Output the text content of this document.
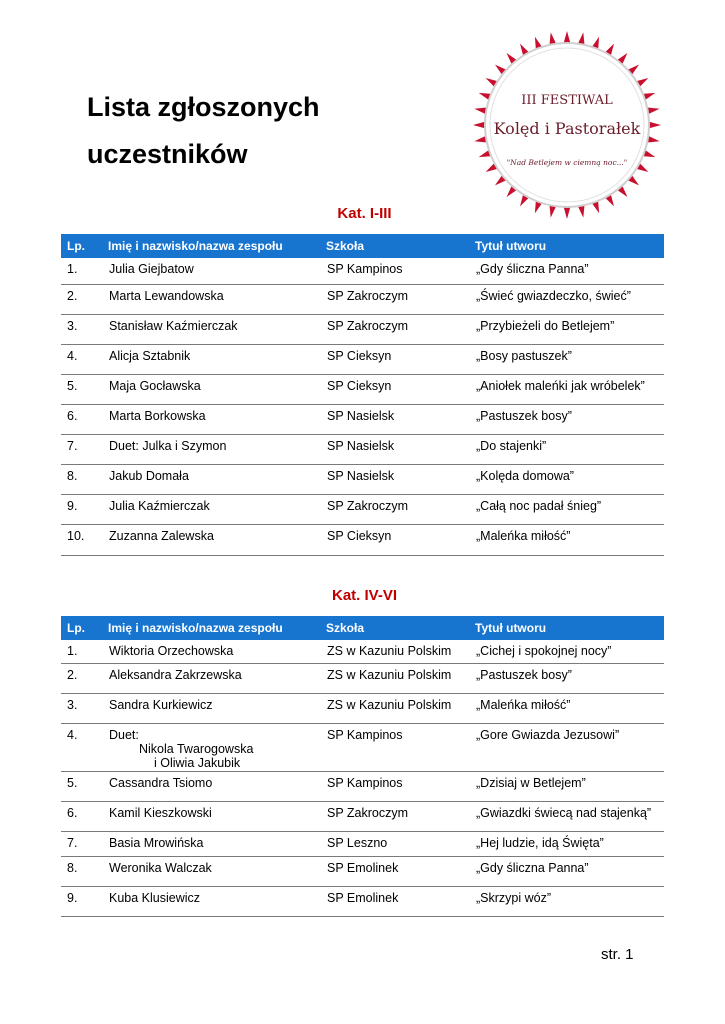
Lista zgłoszonych
uczestników
III FESTIWAL
Kolęd i Pastorałek
"Nad Betlejem w ciemną noc..."
Kat. I-III
Lp.	Imię i nazwisko/nazwa zespołu	Szkoła	Tytuł utworu
1.	Julia Giejbatow	SP Kampinos	„Gdy śliczna Panna”
2.	Marta Lewandowska	SP Zakroczym	„Świeć gwiazdeczko, świeć”
3.	Stanisław Kaźmierczak	SP Zakroczym	„Przybieżeli do Betlejem”
4.	Alicja Sztabnik	SP Cieksyn	„Bosy pastuszek”
5.	Maja Gocławska	SP Cieksyn	„Aniołek maleńki jak wróbelek”
6.	Marta Borkowska	SP Nasielsk	„Pastuszek bosy”
7.	Duet: Julka i Szymon	SP Nasielsk	„Do stajenki”
8.	Jakub Domała	SP Nasielsk	„Kolęda domowa”
9.	Julia Kaźmierczak	SP Zakroczym	„Całą noc padał śnieg”
10.	Zuzanna Zalewska	SP Cieksyn	„Maleńka miłość”
Kat. IV-VI
Lp.	Imię i nazwisko/nazwa zespołu	Szkoła	Tytuł utworu
1.	Wiktoria Orzechowska	ZS w Kazuniu Polskim	„Cichej i spokojnej nocy”
2.	Aleksandra Zakrzewska	ZS w Kazuniu Polskim	„Pastuszek bosy”
3.	Sandra Kurkiewicz	ZS w Kazuniu Polskim	„Maleńka miłość”
4.	Duet:
Nikola Twarogowska
i Oliwia Jakubik	SP Kampinos	„Gore Gwiazda Jezusowi”
5.	Cassandra Tsiomo	SP Kampinos	„Dzisiaj w Betlejem”
6.	Kamil Kieszkowski	SP Zakroczym	„Gwiazdki świecą nad stajenką”
7.	Basia Mrowińska	SP Leszno	„Hej ludzie, idą Święta”
8.	Weronika Walczak	SP Emolinek	„Gdy śliczna Panna”
9.	Kuba Klusiewicz	SP Emolinek	„Skrzypi wóz”
str. 1
